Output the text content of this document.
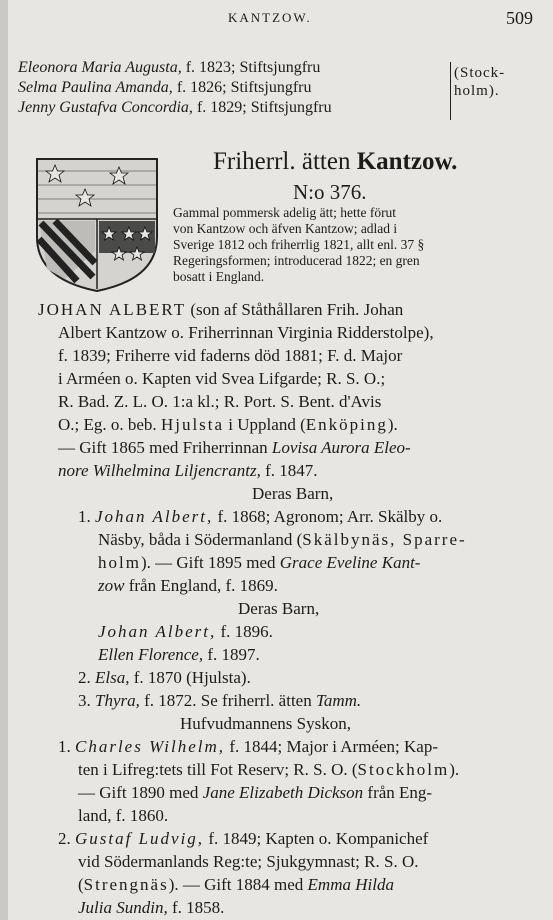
KANTZOW.	509
Eleonora Maria Augusta, f. 1823; Stiftsjungfru
Selma Paulina Amanda, f. 1826; Stiftsjungfru
Jenny Gustafva Concordia, f. 1829; Stiftsjungfru
(Stock-
holm).
Friherrl. ätten Kantzow.
N:o 376.
Gammal pommersk adelig ätt; hette förut
von Kantzow och äfven Kantzow; adlad i
Sverige 1812 och friherrlig 1821, allt enl. 37 §
Regeringsformen; introducerad 1822; en gren
bosatt i England.
JOHAN ALBERT (son af Ståthållaren Frih. Johan
Albert Kantzow o. Friherrinnan Virginia Ridderstolpe),
f. 1839; Friherre vid faderns död 1881; F. d. Major
i Arméen o. Kapten vid Svea Lifgarde; R. S. O.;
R. Bad. Z. L. O. 1:a kl.; R. Port. S. Bent. d'Avis
O.; Eg. o. beb. Hjulsta i Uppland (Enköping).
— Gift 1865 med Friherrinnan Lovisa Aurora Eleo-
nore Wilhelmina Liljencrantz, f. 1847.
Deras Barn,
1. Johan Albert, f. 1868; Agronom; Arr. Skälby o.
Näsby, båda i Södermanland (Skälbynäs, Sparre-
holm). — Gift 1895 med Grace Eveline Kant-
zow från England, f. 1869.
Deras Barn,
Johan Albert, f. 1896.
Ellen Florence, f. 1897.
2. Elsa, f. 1870 (Hjulsta).
3. Thyra, f. 1872. Se friherrl. ätten Tamm.
Hufvudmannens Syskon,
1. Charles Wilhelm, f. 1844; Major i Arméen; Kap-
ten i Lifreg:tets till Fot Reserv; R. S. O. (Stockholm).
— Gift 1890 med Jane Elizabeth Dickson från Eng-
land, f. 1860.
2. Gustaf Ludvig, f. 1849; Kapten o. Kompanichef
vid Södermanlands Reg:te; Sjukgymnast; R. S. O.
(Strengnäs). — Gift 1884 med Emma Hilda
Julia Sundin, f. 1858.
